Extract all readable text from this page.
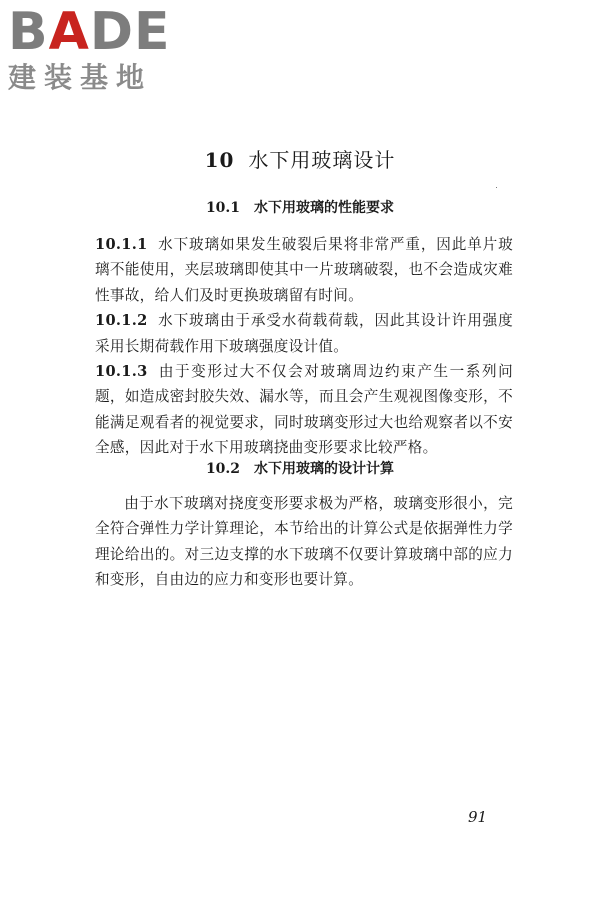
BADE
建装基地
10 水下用玻璃设计
10.1 水下用玻璃的性能要求

10.1.1 水下玻璃如果发生破裂后果将非常严重，因此单片玻璃不能使用，夹层玻璃即使其中一片玻璃破裂，也不会造成灾难性事故，给人们及时更换玻璃留有时间。

10.1.2 水下玻璃由于承受水荷载荷载，因此其设计许用强度采用长期荷载作用下玻璃强度设计值。

10.1.3 由于变形过大不仅会对玻璃周边约束产生一系列问题，如造成密封胶失效、漏水等，而且会产生观视图像变形，不能满足观看者的视觉要求，同时玻璃变形过大也给观察者以不安全感，因此对于水下用玻璃挠曲变形要求比较严格。

10.2 水下用玻璃的设计计算

由于水下玻璃对挠度变形要求极为严格，玻璃变形很小，完全符合弹性力学计算理论，本节给出的计算公式是依据弹性力学理论给出的。对三边支撑的水下玻璃不仅要计算玻璃中部的应力和变形，自由边的应力和变形也要计算。

91
